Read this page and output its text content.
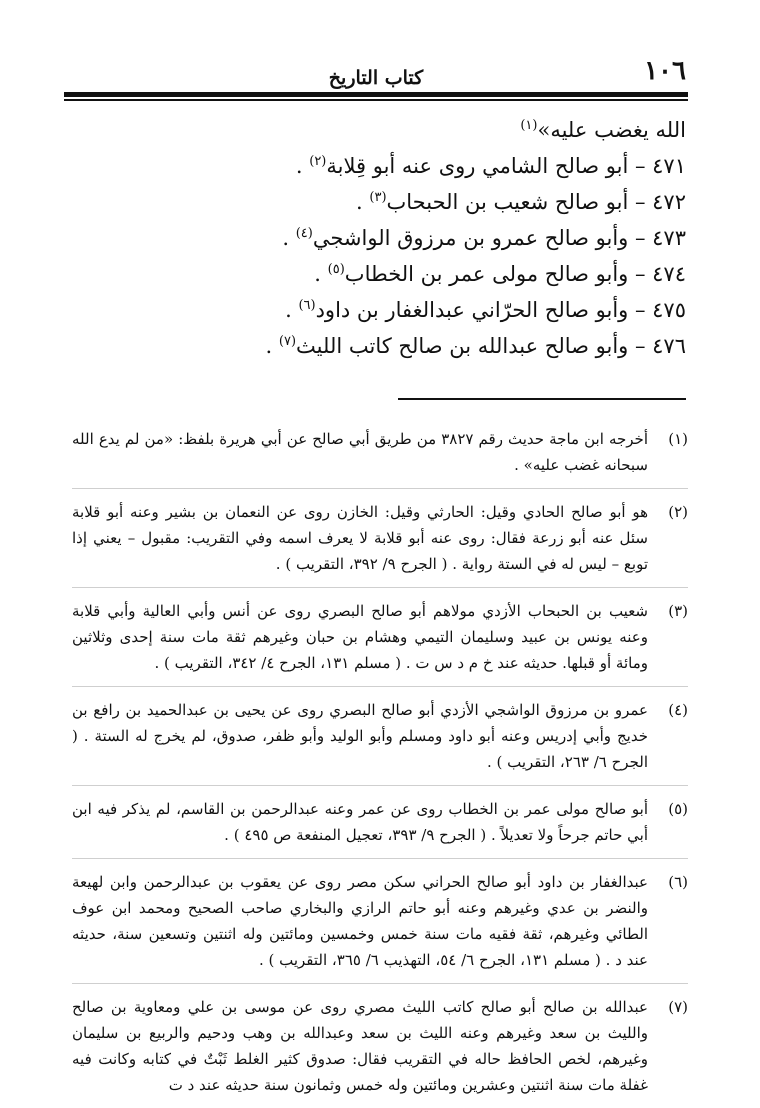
١٠٦
كتاب التاريخ
الله يغضب عليه»$^{(١)}$
٤٧١ – أبو صالح الشامي روى عنه أبو قِلابة$^{(٢)}$ .
٤٧٢ – أبو صالح شعيب بن الحبحاب$^{(٣)}$ .
٤٧٣ – وأبو صالح عمرو بن مرزوق الواشجي$^{(٤)}$ .
٤٧٤ – وأبو صالح مولى عمر بن الخطاب$^{(٥)}$ .
٤٧٥ – وأبو صالح الحرّاني عبدالغفار بن داود$^{(٦)}$ .
٤٧٦ – وأبو صالح عبدالله بن صالح كاتب الليث$^{(٧)}$ .
(١)
أخرجه ابن ماجة حديث رقم ٣٨٢٧ من طريق أبي صالح عن أبي هريرة بلفظ: «من لم يدع الله سبحانه غضب عليه» .
(٢)
هو أبو صالح الحادي وقيل: الحارثي وقيل: الخازن روى عن النعمان بن بشير وعنه أبو قلابة سئل عنه أبو زرعة فقال: روى عنه أبو قلابة لا يعرف اسمه وفي التقريب: مقبول – يعني إذا توبع – ليس له في الستة رواية . ( الجرح ٩/ ٣٩٢، التقريب ) .
(٣)
شعيب بن الحبحاب الأزدي مولاهم أبو صالح البصري روى عن أنس وأبي العالية وأبي قلابة وعنه يونس بن عبيد وسليمان التيمي وهشام بن حبان وغيرهم ثقة مات سنة إحدى وثلاثين ومائة أو قبلها. حديثه عند خ م د س ت . ( مسلم ١٣١، الجرح ٤/ ٣٤٢، التقريب ) .
(٤)
عمرو بن مرزوق الواشجي الأزدي أبو صالح البصري روى عن يحيى بن عبدالحميد بن رافع بن خديج وأبي إدريس وعنه أبو داود ومسلم وأبو الوليد وأبو ظفر، صدوق، لم يخرج له الستة . ( الجرح ٦/ ٢٦٣، التقريب ) .
(٥)
أبو صالح مولى عمر بن الخطاب روى عن عمر وعنه عبدالرحمن بن القاسم، لم يذكر فيه ابن أبي حاتم جرحاً ولا تعديلاً . ( الجرح ٩/ ٣٩٣، تعجيل المنفعة ص ٤٩٥ ) .
(٦)
عبدالغفار بن داود أبو صالح الحراني سكن مصر روى عن يعقوب بن عبدالرحمن وابن لهيعة والنضر بن عدي وغيرهم وعنه أبو حاتم الرازي والبخاري صاحب الصحيح ومحمد ابن عوف الطائي وغيرهم، ثقة فقيه مات سنة خمس وخمسين ومائتين وله اثنتين وتسعين سنة، حديثه عند د . ( مسلم ١٣١، الجرح ٦/ ٥٤، التهذيب ٦/ ٣٦٥، التقريب ) .
(٧)
عبدالله بن صالح أبو صالح كاتب الليث مصري روى عن موسى بن علي ومعاوية بن صالح والليث بن سعد وغيرهم وعنه الليث بن سعد وعبدالله بن وهب ودحيم والربيع بن سليمان وغيرهم، لخص الحافظ حاله في التقريب فقال: صدوق كثير الغلط ثَبْتٌ في كتابه وكانت فيه غفلة مات سنة اثنتين وعشرين ومائتين وله خمس وثمانون سنة حديثه عند د ت
